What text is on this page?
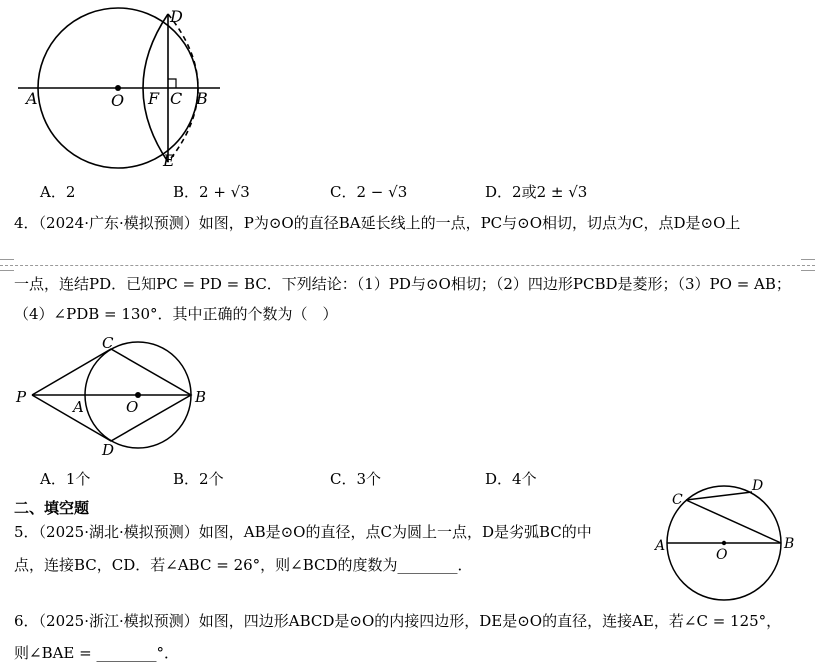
A	O F C B
D
E
A．2	B．2 + √3	C．2 − √3	D．2或2 ± √3
4．（2024·广东·模拟预测）如图，P为⊙O的直径BA延长线上的一点，PC与⊙O相切，切点为C，点D是⊙O上
一点，连结PD．已知PC = PD = BC．下列结论：（1）PD与⊙O相切；（2）四边形PCBD是菱形；（3）PO = AB；
（4）∠PDB = 130°．其中正确的个数为（　）
P
A	O
B
C
D
A．1个	B．2个	C．3个	D．4个
二、填空题
5．（2025·湖北·模拟预测）如图，AB是⊙O的直径，点C为圆上一点，D是劣弧BC的中
点，连接BC，CD．若∠ABC = 26°，则∠BCD的度数为________．
A
O
B
C
D
6．（2025·浙江·模拟预测）如图，四边形ABCD是⊙O的内接四边形，DE是⊙O的直径，连接AE，若∠C = 125°，
则∠BAE = ________°．
